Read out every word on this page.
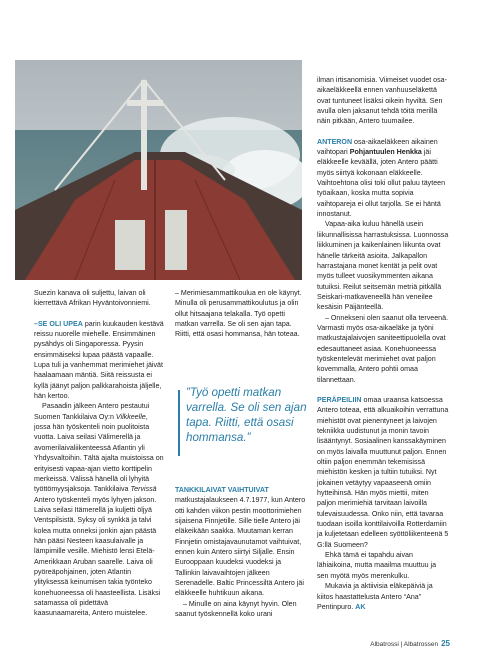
Suezin kanava oli suljettu, laivan oli kierrettävä Afrikan Hyväntoivonniemi.

–SE OLI UPEA parin kuukauden kestävä reissu nuorelle miehelle. Ensimmäinen pysähdys oli Singaporessa. Pyysin ensimmäiseksi lupaa päästä vapaalle. Lupa tuli ja vanhemmat merimiehet jäivät haalaamaan mäntiä. Siitä reissusta ei kyllä jäänyt paljon palkkarahoista jäljelle, hän kertoo.

Pasaadin jälkeen Antero pestautui Suomen Tankkilaiva Oy:n Vilkkeelle, jossa hän työskenteli noin puolitoista vuotta. Laiva seilasi Välimerellä ja avomerilaivaliikenteessä Atlantin yli Yhdysvaltoihin. Tältä ajalta muistoissa on erityisesti vapaa-ajan vietto korttipelin merkeissä. Välissä hänellä oli lyhyitä työttömyysjaksoja. Tankkilaiva Tervissä Antero työskenteli myös lyhyen jakson. Laiva seilasi Itämerellä ja kuljetti öljyä Ventspilsistä. Syksy oli synkkä ja talvi kolea mutta onneksi jonkin ajan päästä hän pääsi Nesteen kaasulaivalle ja lämpimille vesille. Miehistö lensi Etelä-Amerikkaan Aruban saarelle. Laiva oli pyöreäpohjainen, joten Atlantin ylityksessä keinumisen takia työnteko konehuoneessa oli haasteellista. Lisäksi satamassa oli pidettävä kaasunaamareita, Antero muistelee.

– Merimiesammattikoulua en ole käynyt. Minulla oli perusammattikoulutus ja olin ollut hitsaajana telakalla. Työ opetti matkan varrella. Se oli sen ajan tapa. Riitti, että osasi hommansa, hän toteaa.

”Työ opetti matkan varrella. Se oli sen ajan tapa. Riitti, että osasi hommansa.”

TANKKILAIVAT VAIHTUIVAT matkustajalaukseen 4.7.1977, kun Antero otti kahden viikon pestin moottorimiehen sijaisena Finnjetille. Sille tielle Antero jäi eläkeikään saakka. Muutaman kerran Finnjetin omistajavaunutamot vaihtuivat, ennen kuin Antero siirtyi Siljalle. Ensin Eurooppaan kuudeksi vuodeksi ja Tallinkin laivavaihtojen jälkeen Serenadelle. Baltic Princessiltä Antero jäi eläkkeelle huhtikuun aikana.

– Minulle on aina käynyt hyvin. Olen saanut työskennellä koko urani

ilman irtisanomisia. Viimeiset vuodet osa-aikaeläkkeellä ennen vanhuuseläkettä ovat tuntuneet lisäksi oikein hyviltä. Sen avulla olen jaksanut tehdä töitä merillä näin pitkään, Antero tuumailee.

ANTERON osa-aikaeläkkeen aikainen vaihtopari Pohjantuulen Henkka jäi eläkkeelle keväällä, joten Antero päätti myös siirtyä kokonaan eläkkeelle. Vaihtoehtona olisi toki ollut paluu täyteen työaikaan, koska mutta sopivia vaihtopareja ei ollut tarjolla. Se ei häntä innostanut.

Vapaa-aika kuluu hänellä usein liikunnallisissa harrastuksissa. Luonnossa liikkuminen ja kaikenlainen liikunta ovat hänelle tärkeitä asioita. Jalkapallon harrastajana monet kentät ja pelit ovat myös tulleet vuosikymmenten aikana tutuiksi. Reilut seitsemän metriä pitkällä Seiskari-matkaveneellä hän veneilee kesäisin Päijänteellä.

– Onnekseni olen saanut olla terveenä. Varmasti myös osa-aikaeläke ja työni matkustajalaivojen saniteettipuolella ovat edesauttaneet asiaa. Konehuoneessa työskentelevät merimiehet ovat paljon kovemmalla, Antero pohtii omaa tilannettaan.

PERÄPEILIIN omaa uraansa katsoessa Antero toteaa, että alkuaikoihin verrattuna miehistöt ovat pienentyneet ja laivojen tekniikka uudistunut ja monin tavoin lisääntynyt. Sosiaalinen kanssakäyminen on myös laivalla muuttunut paljon. Ennen oltiin paljon enemmän tekemisissä miehistön kesken ja tultiin tutuiksi. Nyt jokainen vetäytyy vapaaseenä omiin hytteihinsä. Hän myös miettii, miten paljon merimiehiä tarvitaan laivoilla tulevaisuudessa. Onko niin, että tavaraa tuodaan isoilla konttilaivoilla Rotterdamiin ja kuljetetaan edelleen syöttöliikenteenä 5 G:llä Suomeen?

Ehkä tämä ei tapahdu aivan lähiaikoina, mutta maailma muuttuu ja sen myötä myös merenkulku.

Mukavia ja aktiivisia eläkepäiviä ja kiitos haastattelusta Antero “Ana” Pentinpuro. AK

Albatrossi | Albatrossen 25
